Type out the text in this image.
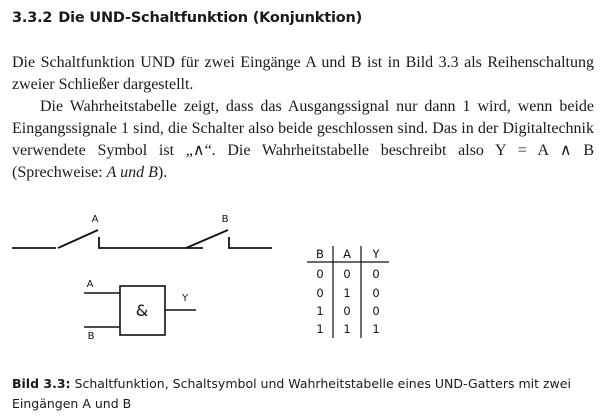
3.3.2 Die UND-Schaltfunktion (Konjunktion)
Die Schaltfunktion UND für zwei Eingänge A und B ist in Bild 3.3 als Reihenschaltung zweier Schließer dargestellt.
Die Wahrheitstabelle zeigt, dass das Ausgangssignal nur dann 1 wird, wenn beide Eingangssignale 1 sind, die Schalter also beide geschlossen sind. Das in der Digitaltechnik verwendete Symbol ist „∧“. Die Wahrheitstabelle beschreibt also Y = A ∧ B (Sprechweise: A und B).
A	B
A
B
&
Y
B A Y
0 0 0
0 1 0
1 0 0
1 1 1
Bild 3.3: Schaltfunktion, Schaltsymbol und Wahrheitstabelle eines UND-Gatters mit zwei Eingängen A und B
